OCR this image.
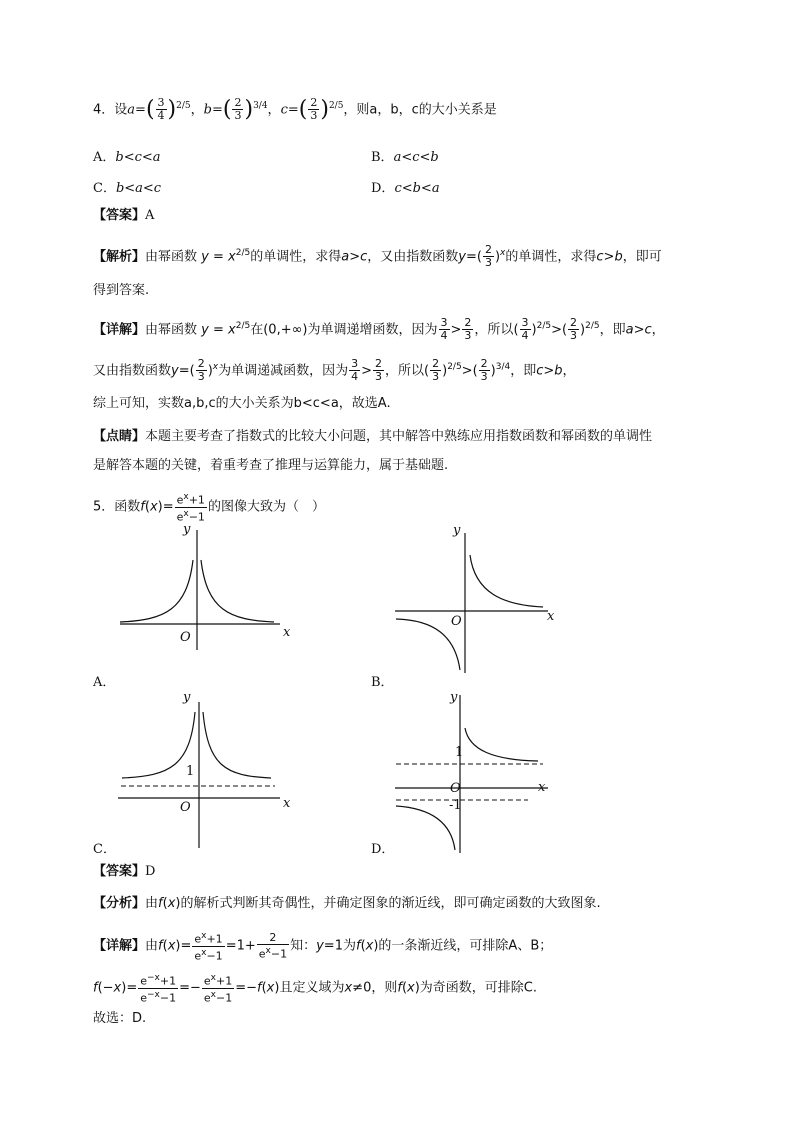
4．设$a=( \frac{3}{4} )^{2/5}$，$b=( \frac{2}{3} )^{3/4}$，$c=( \frac{2}{3} )^{2/5}$，则a，b，c的大小关系是
A．b<c<a	B．a<c<b
C．b<a<c	D．c<b<a
【答案】A
【解析】由幂函数 $y = x^{2/5}$的单调性，求得a>c，又由指数函数$y=( \frac{2}{3} )^x$的单调性，求得c>b，即可
得到答案.
【详解】由幂函数 $y = x^{2/5}$在(0,+∞)为单调递增函数，因为 $\frac{3}{4} > \frac{2}{3}$ ，所以( $\frac{3}{4} )^{2/5}>( \frac{2}{3} )^{2/5}$，即a>c，
又由指数函数$y=( \frac{2}{3} )^x$为单调递减函数，因为 $\frac{3}{4} > \frac{2}{3}$ ，所以( $\frac{2}{3} )^{2/5}>( \frac{2}{3} )^{3/4}$，即c>b，
综上可知，实数a,b,c的大小关系为b<c<a，故选A.
【点睛】本题主要考查了指数式的比较大小问题，其中解答中熟练应用指数函数和幂函数的单调性
是解答本题的关键，着重考查了推理与运算能力，属于基础题.
5．函数$f(x)= \frac{e^x+1}{e^x-1}$ 的图像大致为（　）
y
x
O
A．
y
x
O
B．
y
x
O
1
C．
y
x
O
1
-1
D．
【答案】D
【分析】由f(x)的解析式判断其奇偶性，并确定图象的渐近线，即可确定函数的大致图象.
【详解】由$f(x)= \frac{e^x+1}{e^x-1} =1+ \frac{2}{e^x-1}$ 知：y=1为f(x)的一条渐近线，可排除A、B；
$f(-x)= \frac{e^{-x}+1}{e^{-x}-1} =- \frac{e^x+1}{e^x-1} =-f(x)$且定义域为x≠0，则f(x)为奇函数，可排除C.
故选：D.
